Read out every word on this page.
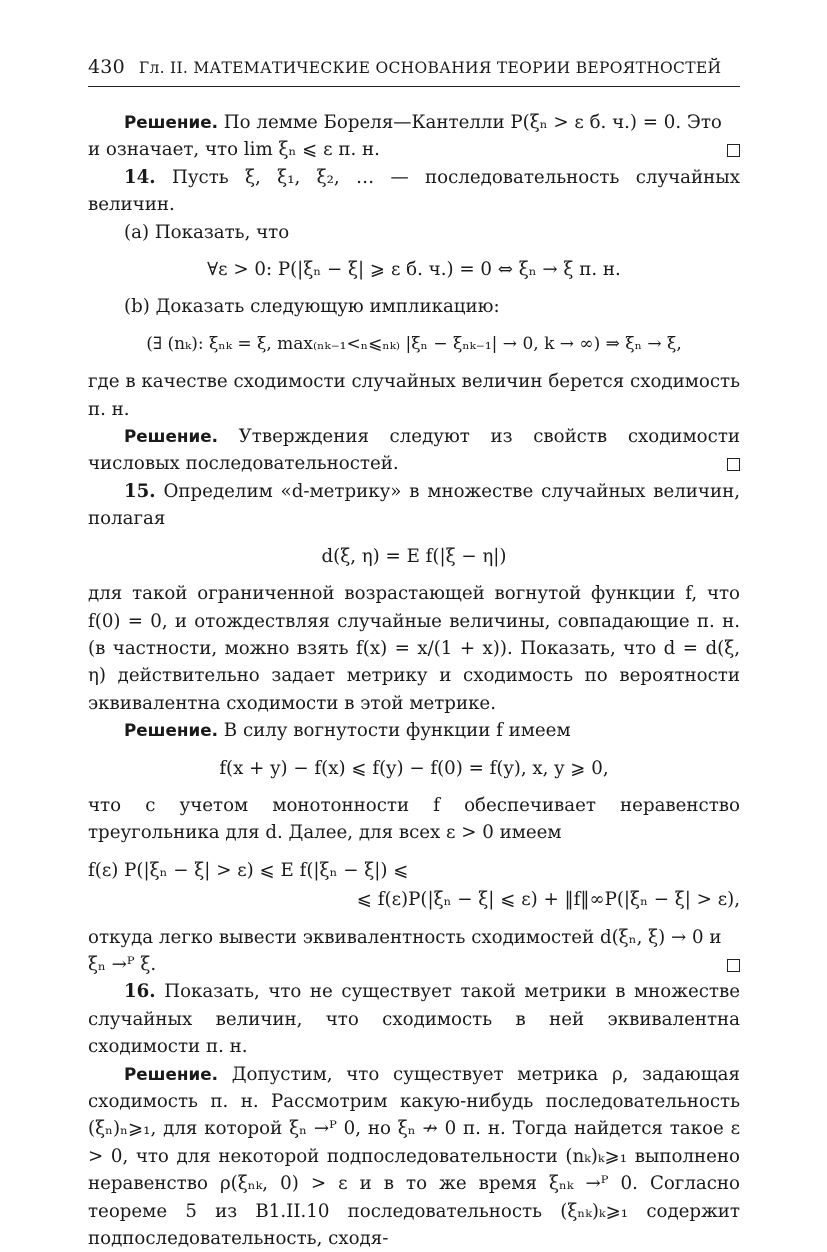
430 Гл. II. МАТЕМАТИЧЕСКИЕ ОСНОВАНИЯ ТЕОРИИ ВЕРОЯТНОСТЕЙ

Решение. По лемме Бореля—Кантелли P(ξₙ > ε б. ч.) = 0. Это

и означает, что lim ξₙ ⩽ ε п. н.

14. Пусть ξ, ξ₁, ξ₂, … — последовательность случайных величин.

(a) Показать, что

∀ε > 0: P(|ξₙ − ξ| ⩾ ε б. ч.) = 0 ⇔ ξₙ → ξ п. н.

(b) Доказать следующую импликацию:

(∃ (nₖ): ξₙₖ = ξ, max₍ₙₖ₋₁<ₙ⩽ₙₖ₎ |ξₙ − ξₙₖ₋₁| → 0, k → ∞) ⇒ ξₙ → ξ,

где в качестве сходимости случайных величин берется сходимость п. н.

Решение. Утверждения следуют из свойств сходимости числовых последовательностей.

15. Определим «d-метрику» в множестве случайных величин, полагая

d(ξ, η) = E f(|ξ − η|)

для такой ограниченной возрастающей вогнутой функции f, что f(0) = 0, и отождествляя случайные величины, совпадающие п. н. (в частности, можно взять f(x) = x/(1 + x)). Показать, что d = d(ξ, η) действительно задает метрику и сходимость по вероятности эквивалентна сходимости в этой метрике.

Решение. В силу вогнутости функции f имеем

f(x + y) − f(x) ⩽ f(y) − f(0) = f(y), x, y ⩾ 0,

что с учетом монотонности f обеспечивает неравенство треугольника для d. Далее, для всех ε > 0 имеем

f(ε) P(|ξₙ − ξ| > ε) ⩽ E f(|ξₙ − ξ|) ⩽

⩽ f(ε)P(|ξₙ − ξ| ⩽ ε) + ‖f‖∞P(|ξₙ − ξ| > ε),

откуда легко вывести эквивалентность сходимостей d(ξₙ, ξ) → 0 и

ξₙ →ᴾ ξ.

16. Показать, что не существует такой метрики в множестве случайных величин, что сходимость в ней эквивалентна сходимости п. н.

Решение. Допустим, что существует метрика ρ, задающая сходимость п. н. Рассмотрим какую-нибудь последовательность (ξₙ)ₙ⩾₁, для которой ξₙ →ᴾ 0, но ξₙ ↛ 0 п. н. Тогда найдется такое ε > 0, что для некоторой подпоследовательности (nₖ)ₖ⩾₁ выполнено неравенство ρ(ξₙₖ, 0) > ε и в то же время ξₙₖ →ᴾ 0. Согласно теореме 5 из B1.II.10 последовательность (ξₙₖ)ₖ⩾₁ содержит подпоследовательность, сходя-
